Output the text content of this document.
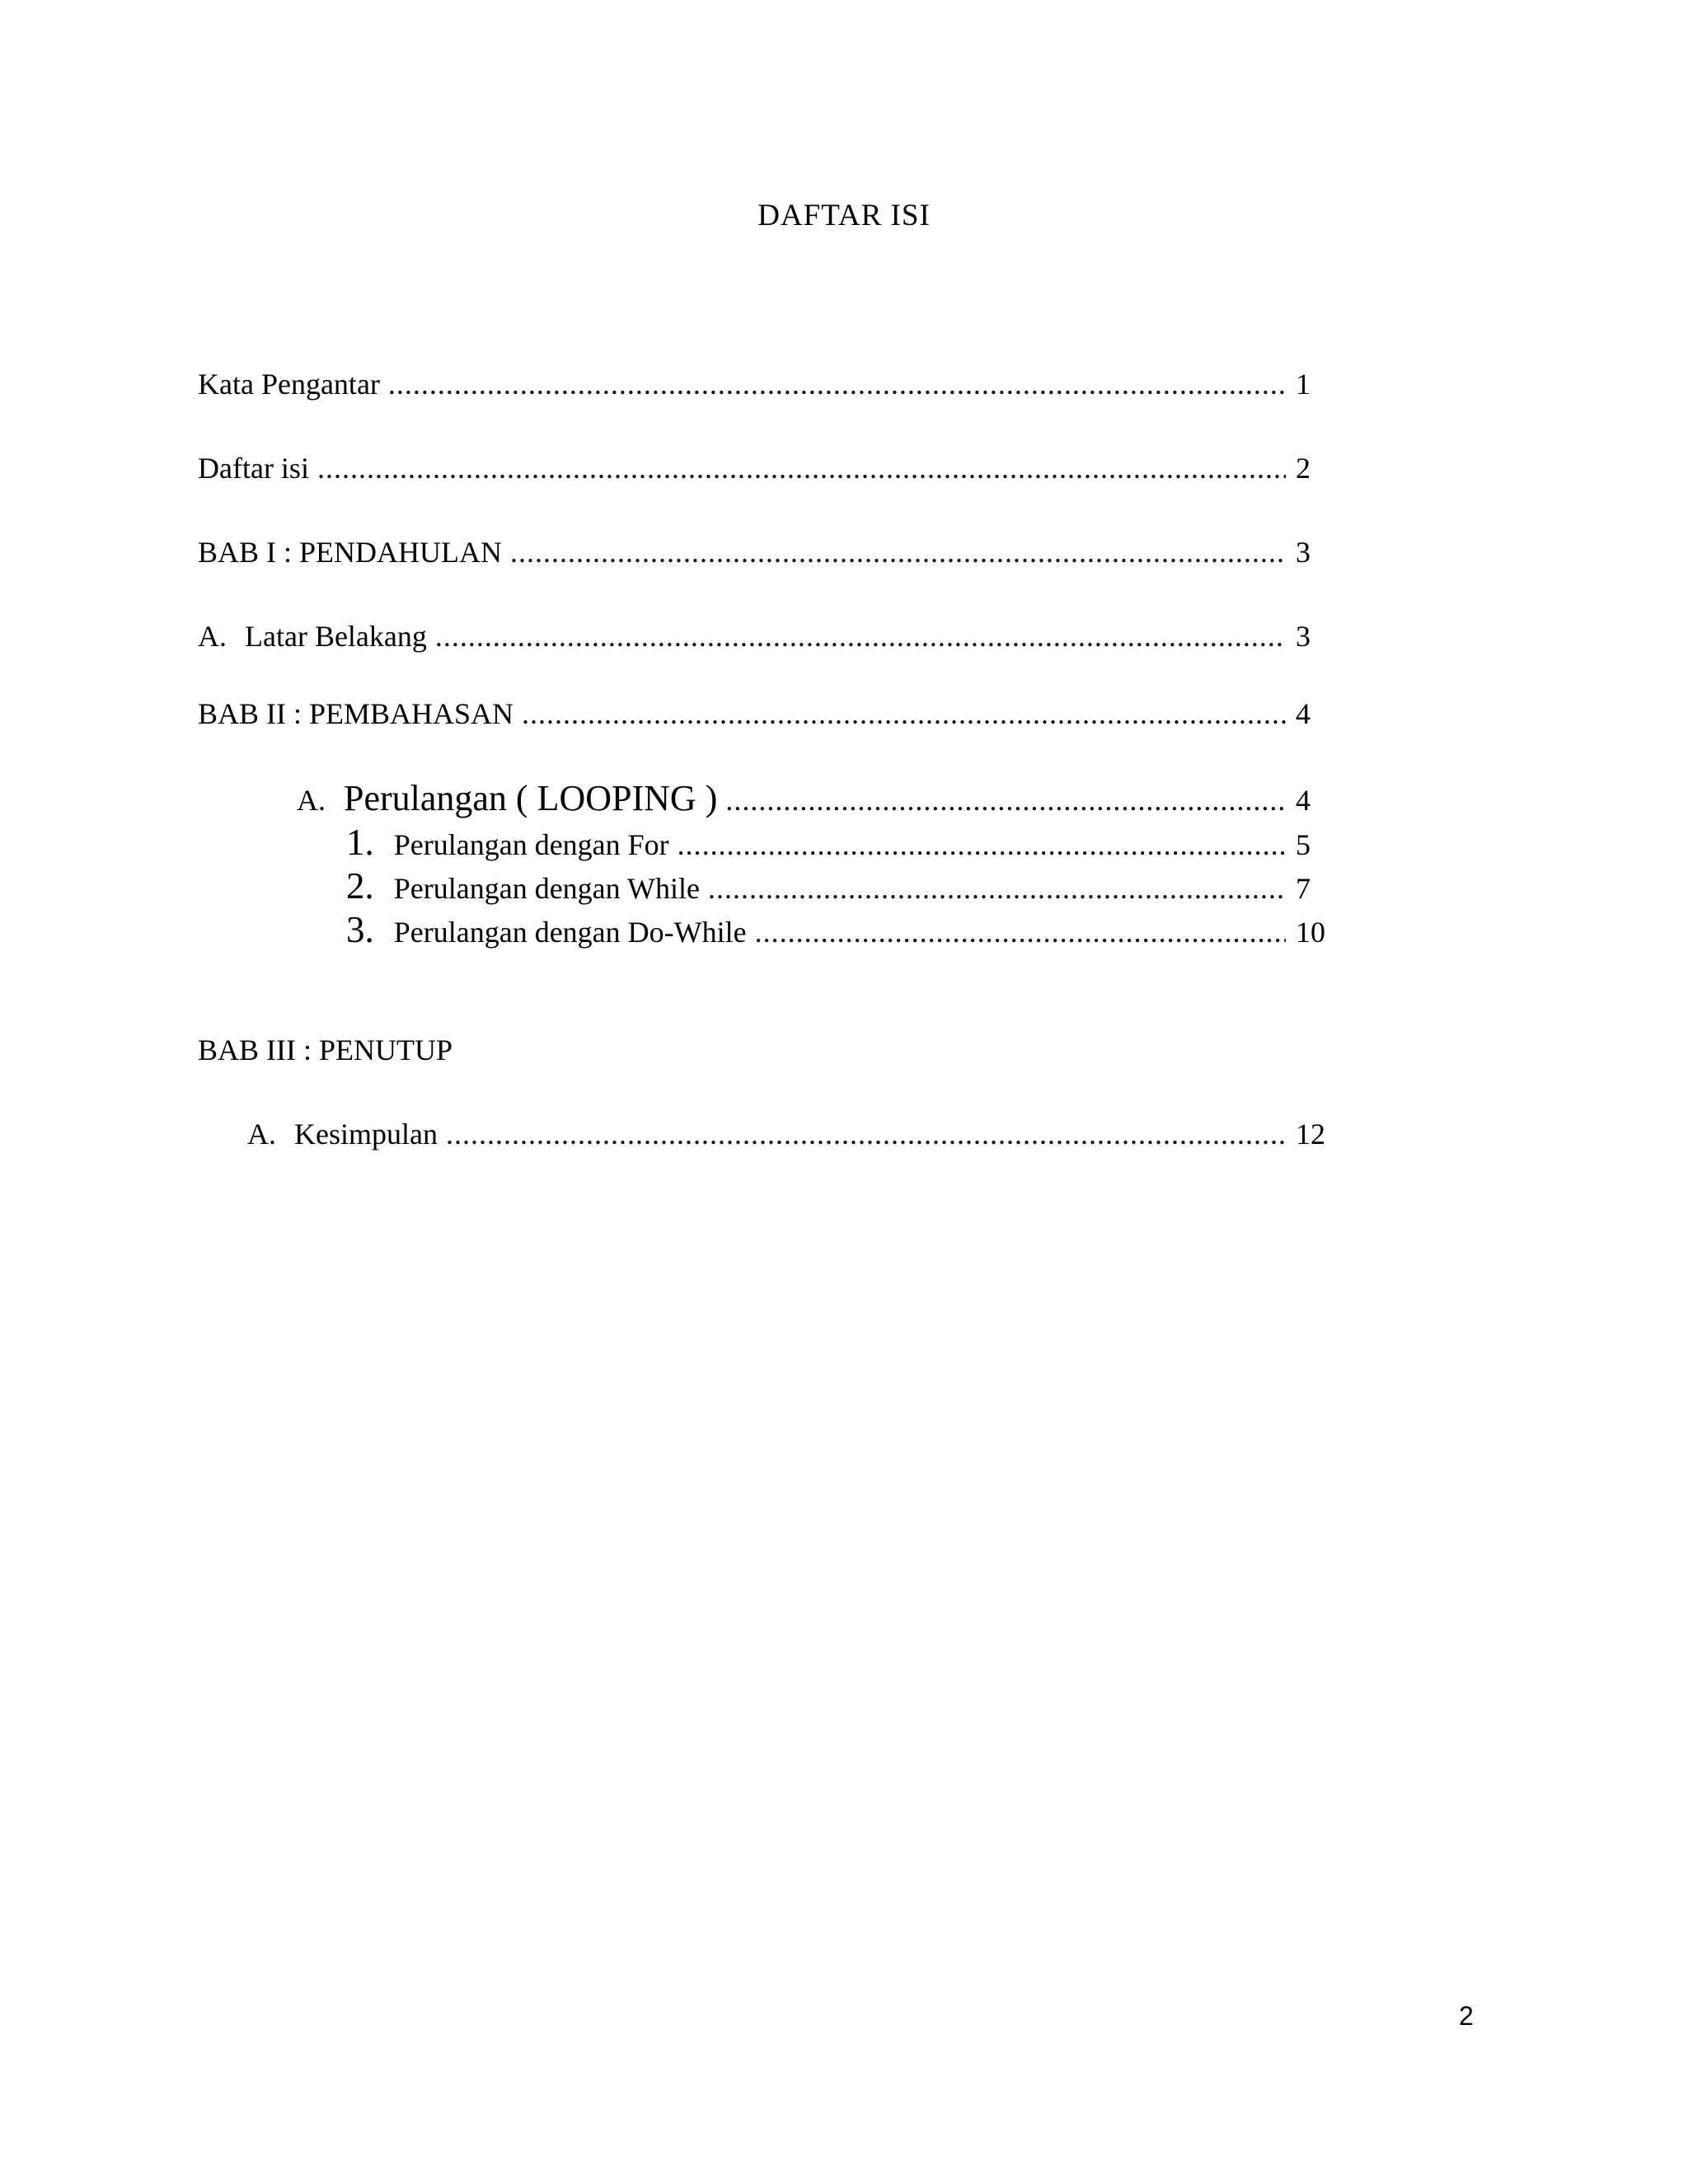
DAFTAR ISI
Kata Pengantar .....	1
Daftar isi .....	2
BAB I : PENDAHULAN .....	3
A. Latar Belakang .....	3
BAB II : PEMBAHASAN .....	4
A. Perulangan ( LOOPING ) .....	4
1. Perulangan dengan For .....	5
2. Perulangan dengan While .....	7
3. Perulangan dengan Do-While .....	10
BAB III : PENUTUP
A. Kesimpulan .....	12
2
